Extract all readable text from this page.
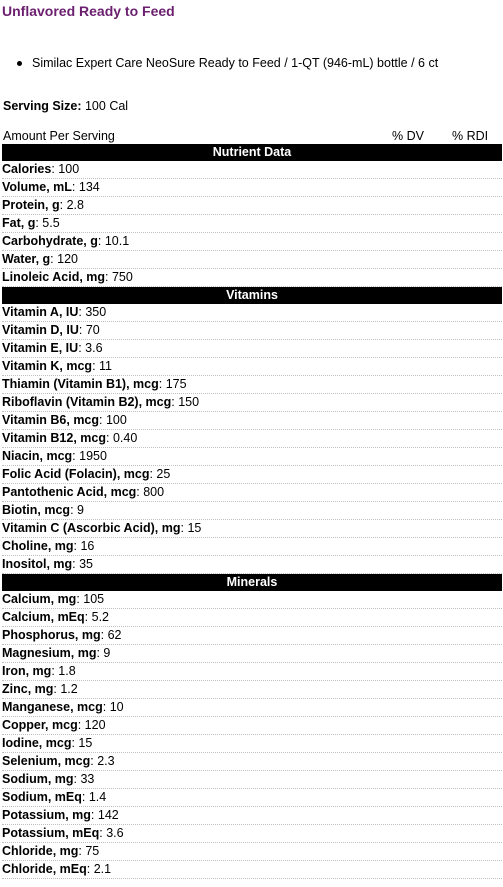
Unflavored Ready to Feed
Similac Expert Care NeoSure Ready to Feed / 1-QT (946-mL) bottle / 6 ct
Serving Size: 100 Cal
Amount Per Serving	% DV % RDI
Nutrient Data
Calories: 100
Volume, mL: 134
Protein, g: 2.8
Fat, g: 5.5
Carbohydrate, g: 10.1
Water, g: 120
Linoleic Acid, mg: 750
Vitamins
Vitamin A, IU: 350
Vitamin D, IU: 70
Vitamin E, IU: 3.6
Vitamin K, mcg: 11
Thiamin (Vitamin B1), mcg: 175
Riboflavin (Vitamin B2), mcg: 150
Vitamin B6, mcg: 100
Vitamin B12, mcg: 0.40
Niacin, mcg: 1950
Folic Acid (Folacin), mcg: 25
Pantothenic Acid, mcg: 800
Biotin, mcg: 9
Vitamin C (Ascorbic Acid), mg: 15
Choline, mg: 16
Inositol, mg: 35
Minerals
Calcium, mg: 105
Calcium, mEq: 5.2
Phosphorus, mg: 62
Magnesium, mg: 9
Iron, mg: 1.8
Zinc, mg: 1.2
Manganese, mcg: 10
Copper, mcg: 120
Iodine, mcg: 15
Selenium, mcg: 2.3
Sodium, mg: 33
Sodium, mEq: 1.4
Potassium, mg: 142
Potassium, mEq: 3.6
Chloride, mg: 75
Chloride, mEq: 2.1
